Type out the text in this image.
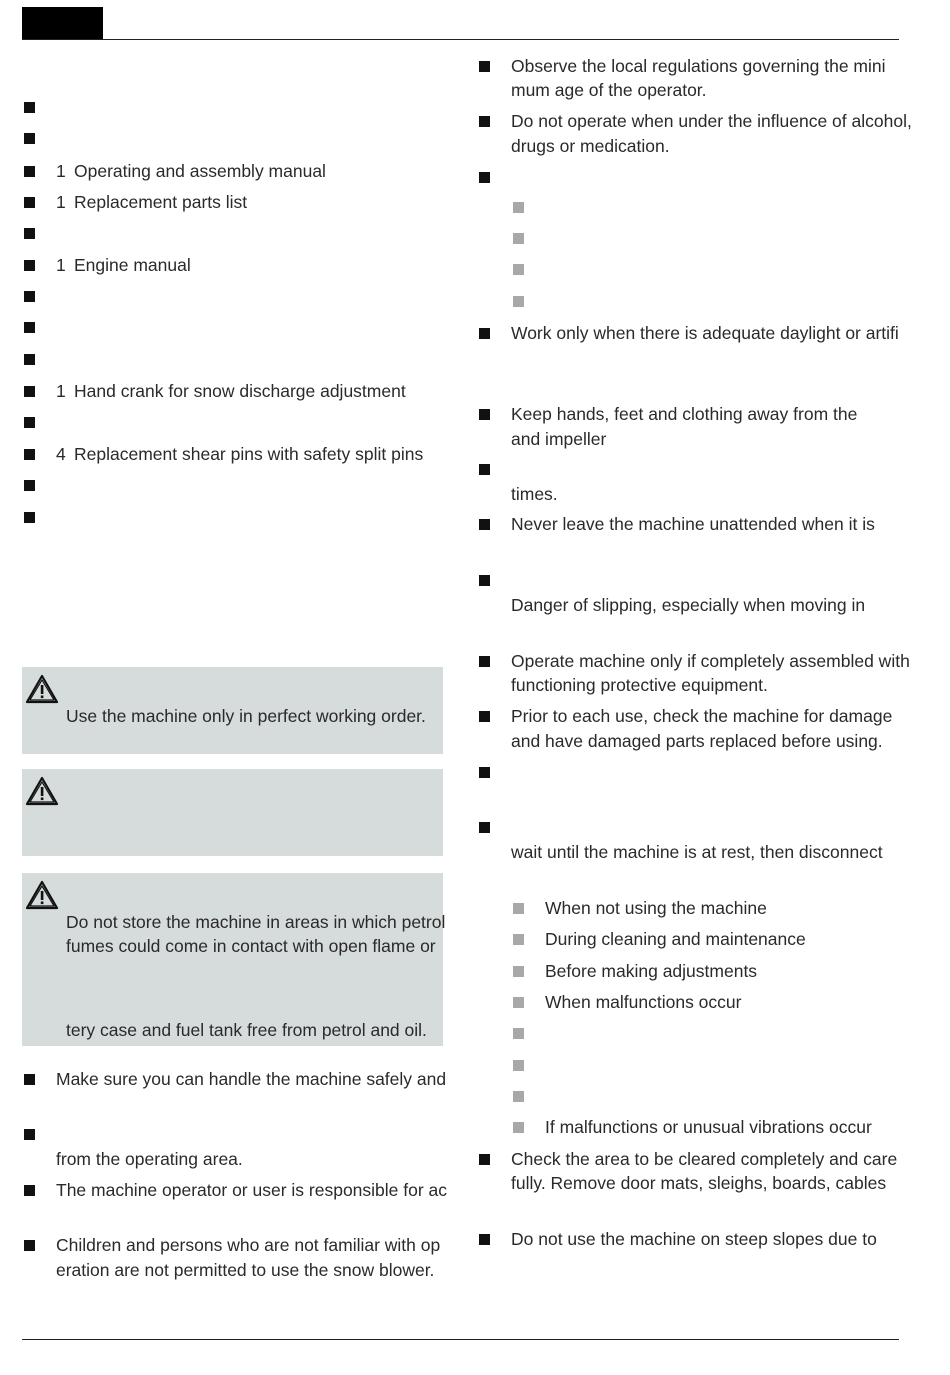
1 Operating and assembly manual
1 Replacement parts list
1 Engine manual
1 Hand crank for snow discharge adjustment
4 Replacement shear pins with safety split pins
Use the machine only in perfect working order.
Do not store the machine in areas in which petrol
fumes could come in contact with open flame or
tery case and fuel tank free from petrol and oil.
Make sure you can handle the machine safely and
from the operating area.
The machine operator or user is responsible for ac
Children and persons who are not familiar with op
eration are not permitted to use the snow blower.
Observe the local regulations governing the mini
mum age of the operator.
Do not operate when under the influence of alcohol,
drugs or medication.
Work only when there is adequate daylight or artifi
Keep hands, feet and clothing away from the
and impeller
times.
Never leave the machine unattended when it is
Danger of slipping, especially when moving in
Operate machine only if completely assembled with
functioning protective equipment.
Prior to each use, check the machine for damage
and have damaged parts replaced before using.
wait until the machine is at rest, then disconnect
When not using the machine
During cleaning and maintenance
Before making adjustments
When malfunctions occur
If malfunctions or unusual vibrations occur
Check the area to be cleared completely and care
fully. Remove door mats, sleighs, boards, cables
Do not use the machine on steep slopes due to
